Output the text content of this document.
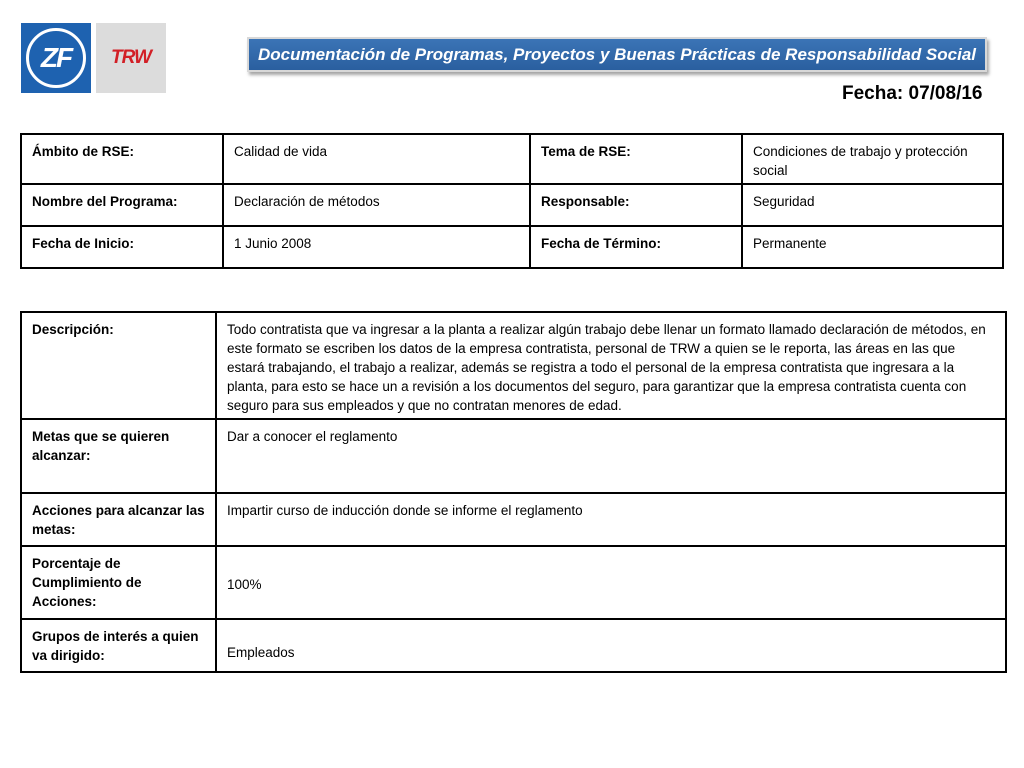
ZF	TRW	Documentación de Programas, Proyectos y Buenas Prácticas de Responsabilidad Social
Fecha: 07/08/16
Ámbito de RSE:	Calidad de vida	Tema de RSE:	Condiciones de trabajo y protección social
Nombre del Programa:	Declaración de métodos	Responsable:	Seguridad
Fecha de Inicio:	1 Junio 2008	Fecha de Término:	Permanente
Descripción:	Todo contratista que va ingresar a la planta a realizar algún trabajo debe llenar un formato llamado declaración de métodos, en este formato se escriben los datos de la empresa contratista, personal de TRW a quien se le reporta, las áreas en las que estará trabajando, el trabajo a realizar, además se registra a todo el personal de la empresa contratista que ingresara a la planta, para esto se hace un a revisión a los documentos del seguro, para garantizar que la empresa contratista cuenta con seguro para sus empleados y que no contratan menores de edad.
Metas que se quieren alcanzar:	Dar a conocer el reglamento
Acciones para alcanzar las metas:	Impartir curso de inducción donde se informe el reglamento
Porcentaje de Cumplimiento de Acciones:	100%
Grupos de interés a quien va dirigido:	Empleados
